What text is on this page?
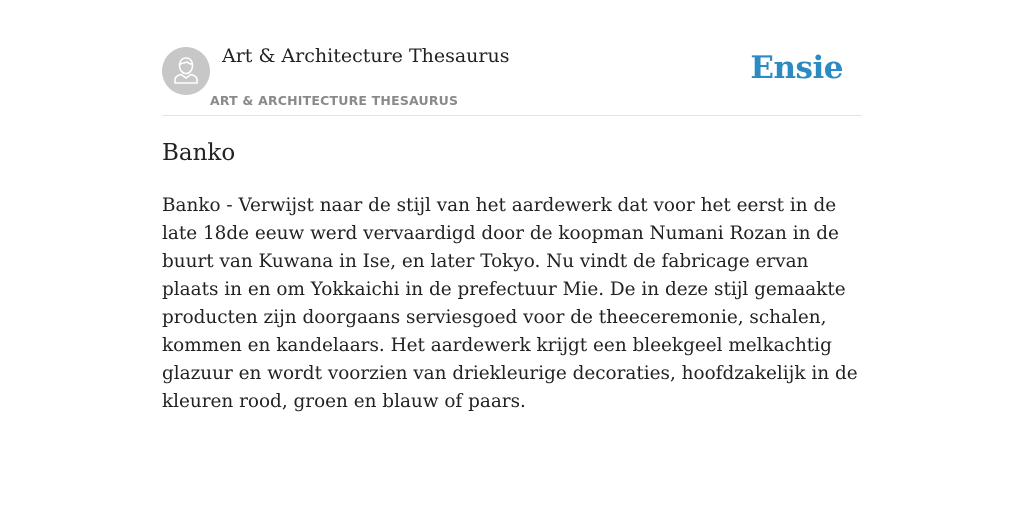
Art & Architecture Thesaurus
ART & ARCHITECTURE THESAURUS
Ensie
Banko

Banko - Verwijst naar de stijl van het aardewerk dat voor het eerst in de late 18de eeuw werd vervaardigd door de koopman Numani Rozan in de buurt van Kuwana in Ise, en later Tokyo. Nu vindt de fabricage ervan plaats in en om Yokkaichi in de prefectuur Mie. De in deze stijl gemaakte producten zijn doorgaans serviesgoed voor de theeceremonie, schalen, kommen en kandelaars. Het aardewerk krijgt een bleekgeel melkachtig glazuur en wordt voorzien van driekleurige decoraties, hoofdzakelijk in de kleuren rood, groen en blauw of paars.
